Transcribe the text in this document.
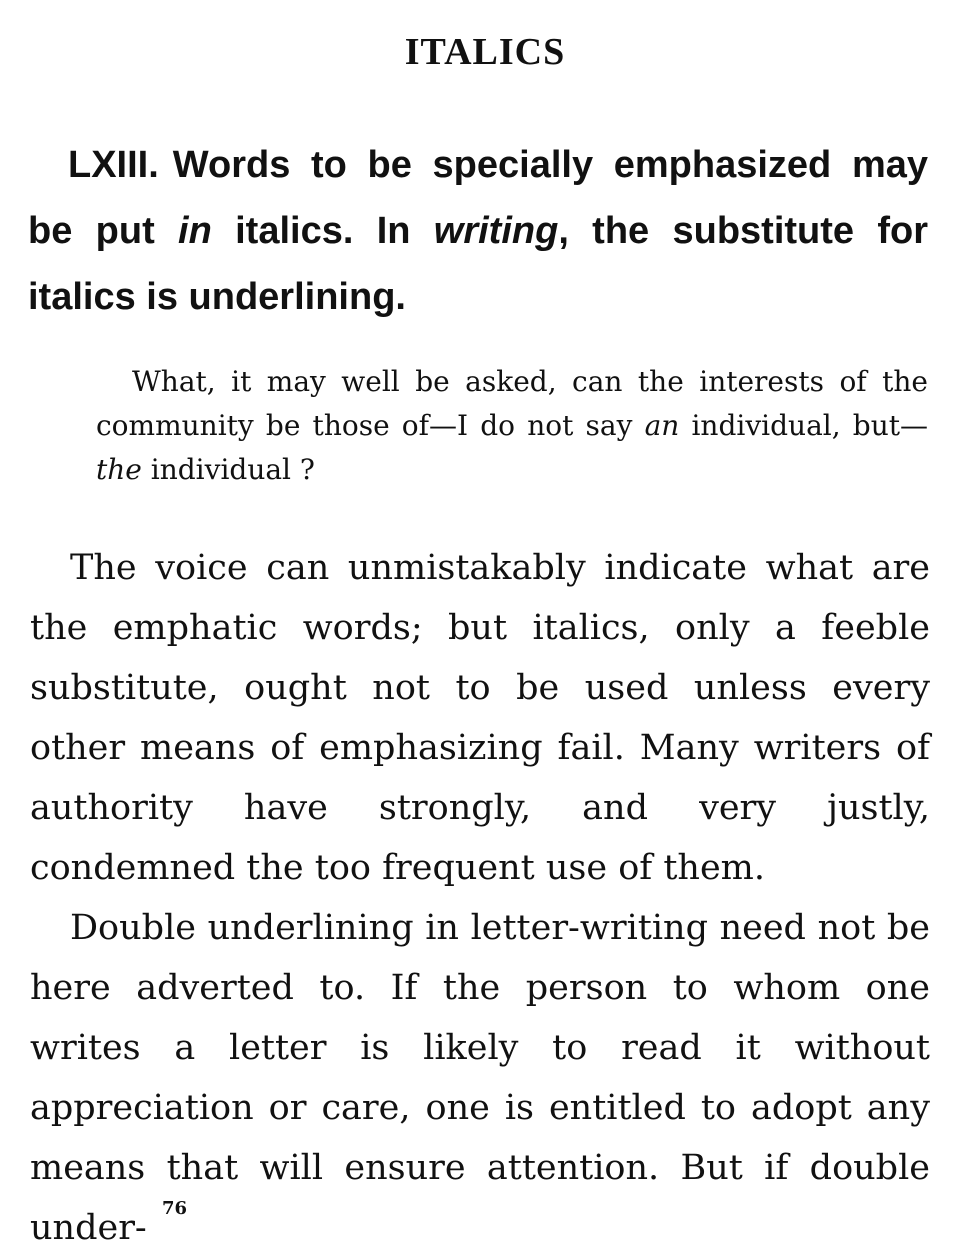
ITALICS
LXIII. Words to be specially emphasized may be put in italics. In writing, the substitute for italics is underlining.
What, it may well be asked, can the interests of the community be those of—I do not say an individual, but—the individual ?
The voice can unmistakably indicate what are the emphatic words; but italics, only a feeble substitute, ought not to be used unless every other means of emphasizing fail. Many writers of authority have strongly, and very justly, condemned the too frequent use of them.
Double underlining in letter-writing need not be here adverted to. If the person to whom one writes a letter is likely to read it without appreciation or care, one is entitled to adopt any means that will ensure attention. But if double under- 76
